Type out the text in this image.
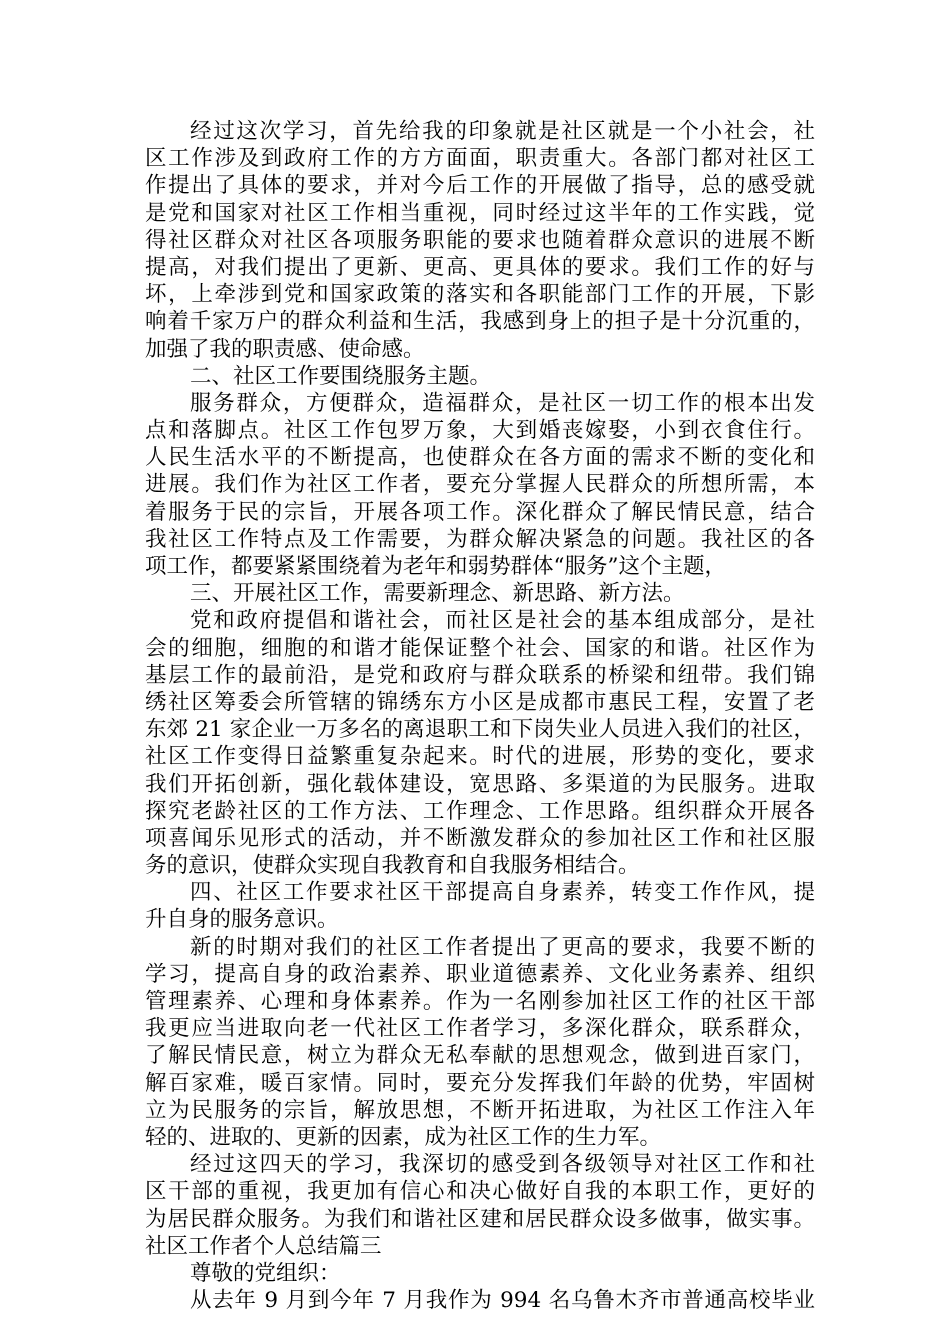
经过这次学习，首先给我的印象就是社区就是一个小社会，社
区工作涉及到政府工作的方方面面，职责重大。各部门都对社区工
作提出了具体的要求，并对今后工作的开展做了指导，总的感受就
是党和国家对社区工作相当重视，同时经过这半年的工作实践，觉
得社区群众对社区各项服务职能的要求也随着群众意识的进展不断
提高，对我们提出了更新、更高、更具体的要求。我们工作的好与
坏，上牵涉到党和国家政策的落实和各职能部门工作的开展，下影
响着千家万户的群众利益和生活，我感到身上的担子是十分沉重的，
加强了我的职责感、使命感。
二、社区工作要围绕服务主题。
服务群众，方便群众，造福群众，是社区一切工作的根本出发
点和落脚点。社区工作包罗万象，大到婚丧嫁娶，小到衣食住行。
人民生活水平的不断提高，也使群众在各方面的需求不断的变化和
进展。我们作为社区工作者，要充分掌握人民群众的所想所需，本
着服务于民的宗旨，开展各项工作。深化群众了解民情民意，结合
我社区工作特点及工作需要，为群众解决紧急的问题。我社区的各
项工作，都要紧紧围绕着为老年和弱势群体“服务”这个主题，
三、开展社区工作，需要新理念、新思路、新方法。
党和政府提倡和谐社会，而社区是社会的基本组成部分，是社
会的细胞，细胞的和谐才能保证整个社会、国家的和谐。社区作为
基层工作的最前沿，是党和政府与群众联系的桥梁和纽带。我们锦
绣社区筹委会所管辖的锦绣东方小区是成都市惠民工程，安置了老
东郊 21 家企业一万多名的离退职工和下岗失业人员进入我们的社区，
社区工作变得日益繁重复杂起来。时代的进展，形势的变化，要求
我们开拓创新，强化载体建设，宽思路、多渠道的为民服务。进取
探究老龄社区的工作方法、工作理念、工作思路。组织群众开展各
项喜闻乐见形式的活动，并不断激发群众的参加社区工作和社区服
务的意识，使群众实现自我教育和自我服务相结合。
四、社区工作要求社区干部提高自身素养，转变工作作风，提
升自身的服务意识。
新的时期对我们的社区工作者提出了更高的要求，我要不断的
学习，提高自身的政治素养、职业道德素养、文化业务素养、组织
管理素养、心理和身体素养。作为一名刚参加社区工作的社区干部
我更应当进取向老一代社区工作者学习，多深化群众，联系群众，
了解民情民意，树立为群众无私奉献的思想观念，做到进百家门，
解百家难，暖百家情。同时，要充分发挥我们年龄的优势，牢固树
立为民服务的宗旨，解放思想，不断开拓进取，为社区工作注入年
轻的、进取的、更新的因素，成为社区工作的生力军。
经过这四天的学习，我深切的感受到各级领导对社区工作和社
区干部的重视，我更加有信心和决心做好自我的本职工作，更好的
为居民群众服务。为我们和谐社区建和居民群众设多做事，做实事。
社区工作者个人总结篇三
尊敬的党组织：
从去年 9 月到今年 7 月我作为 994 名乌鲁木齐市普通高校毕业
